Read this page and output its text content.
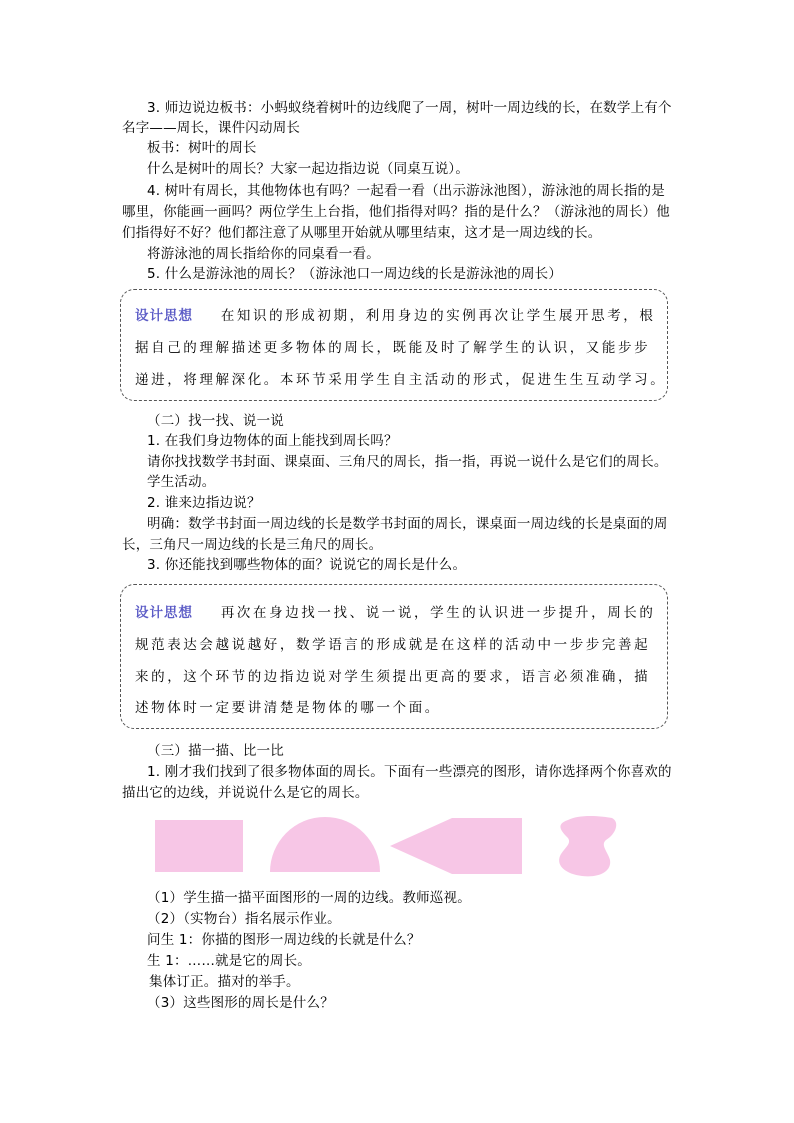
3. 师边说边板书：小蚂蚁绕着树叶的边线爬了一周，树叶一周边线的长，在数学上有个
名字——周长，课件闪动周长
板书：树叶的周长
什么是树叶的周长？大家一起边指边说（同桌互说）。
4. 树叶有周长，其他物体也有吗？一起看一看（出示游泳池图），游泳池的周长指的是
哪里，你能画一画吗？两位学生上台指，他们指得对吗？指的是什么？（游泳池的周长）他
们指得好不好？他们都注意了从哪里开始就从哪里结束，这才是一周边线的长。
将游泳池的周长指给你的同桌看一看。
5. 什么是游泳池的周长？（游泳池口一周边线的长是游泳池的周长）
设计思想 在知识的形成初期，利用身边的实例再次让学生展开思考，根
据自己的理解描述更多物体的周长，既能及时了解学生的认识，又能步步
递进，将理解深化。本环节采用学生自主活动的形式，促进生生互动学习。
（二）找一找、说一说
1. 在我们身边物体的面上能找到周长吗？
请你找找数学书封面、课桌面、三角尺的周长，指一指，再说一说什么是它们的周长。
学生活动。
2. 谁来边指边说？
明确：数学书封面一周边线的长是数学书封面的周长，课桌面一周边线的长是桌面的周
长，三角尺一周边线的长是三角尺的周长。
3. 你还能找到哪些物体的面？说说它的周长是什么。
设计思想 再次在身边找一找、说一说，学生的认识进一步提升，周长的
规范表达会越说越好，数学语言的形成就是在这样的活动中一步步完善起
来的，这个环节的边指边说对学生须提出更高的要求，语言必须准确，描
述物体时一定要讲清楚是物体的哪一个面。
（三）描一描、比一比
1. 刚才我们找到了很多物体面的周长。下面有一些漂亮的图形，请你选择两个你喜欢的
描出它的边线，并说说什么是它的周长。
（1）学生描一描平面图形的一周的边线。教师巡视。
（2）（实物台）指名展示作业。
问生 1：你描的图形一周边线的长就是什么？
生 1：……就是它的周长。
集体订正。描对的举手。
（3）这些图形的周长是什么？
